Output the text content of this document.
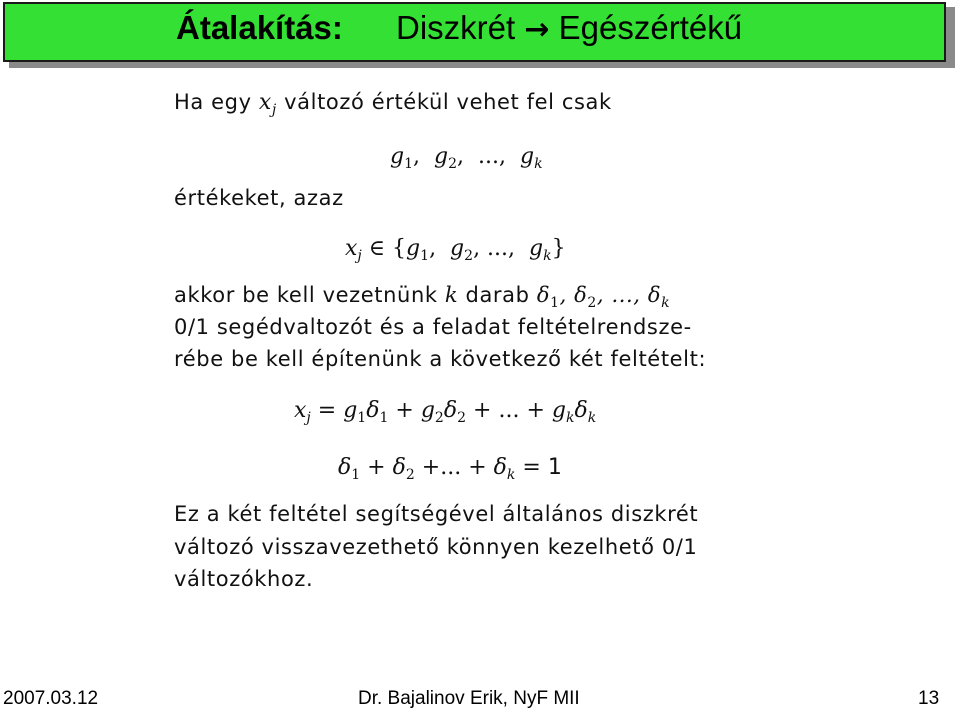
Átalakítás: Diszkrét → Egészértékű
Ha egy $x_j$ változó értékül vehet fel csak
$g_1$, $g_2$, ..., $g_k$
értékeket, azaz
$x_j$ ∈ {$g_1$,  $g_2$, ...,  $g_k$}
akkor be kell vezetnünk k darab $\delta_1$, $\delta_2$, ..., $\delta_k$
0/1 segédvaltozót és a feladat feltételrendsze-
rébe be kell építenünk a következő két feltételt:
$x_j = g_1\delta_1 + g_2\delta_2$ + ... + $g_k\delta_k$
$\delta_1 + \delta_2$ +... + $\delta_k = 1$
Ez a két feltétel segítségével általános diszkrét
változó visszavezethető könnyen kezelhető 0/1
változókhoz.
2007.03.12	Dr. Bajalinov Erik, NyF MII	13
